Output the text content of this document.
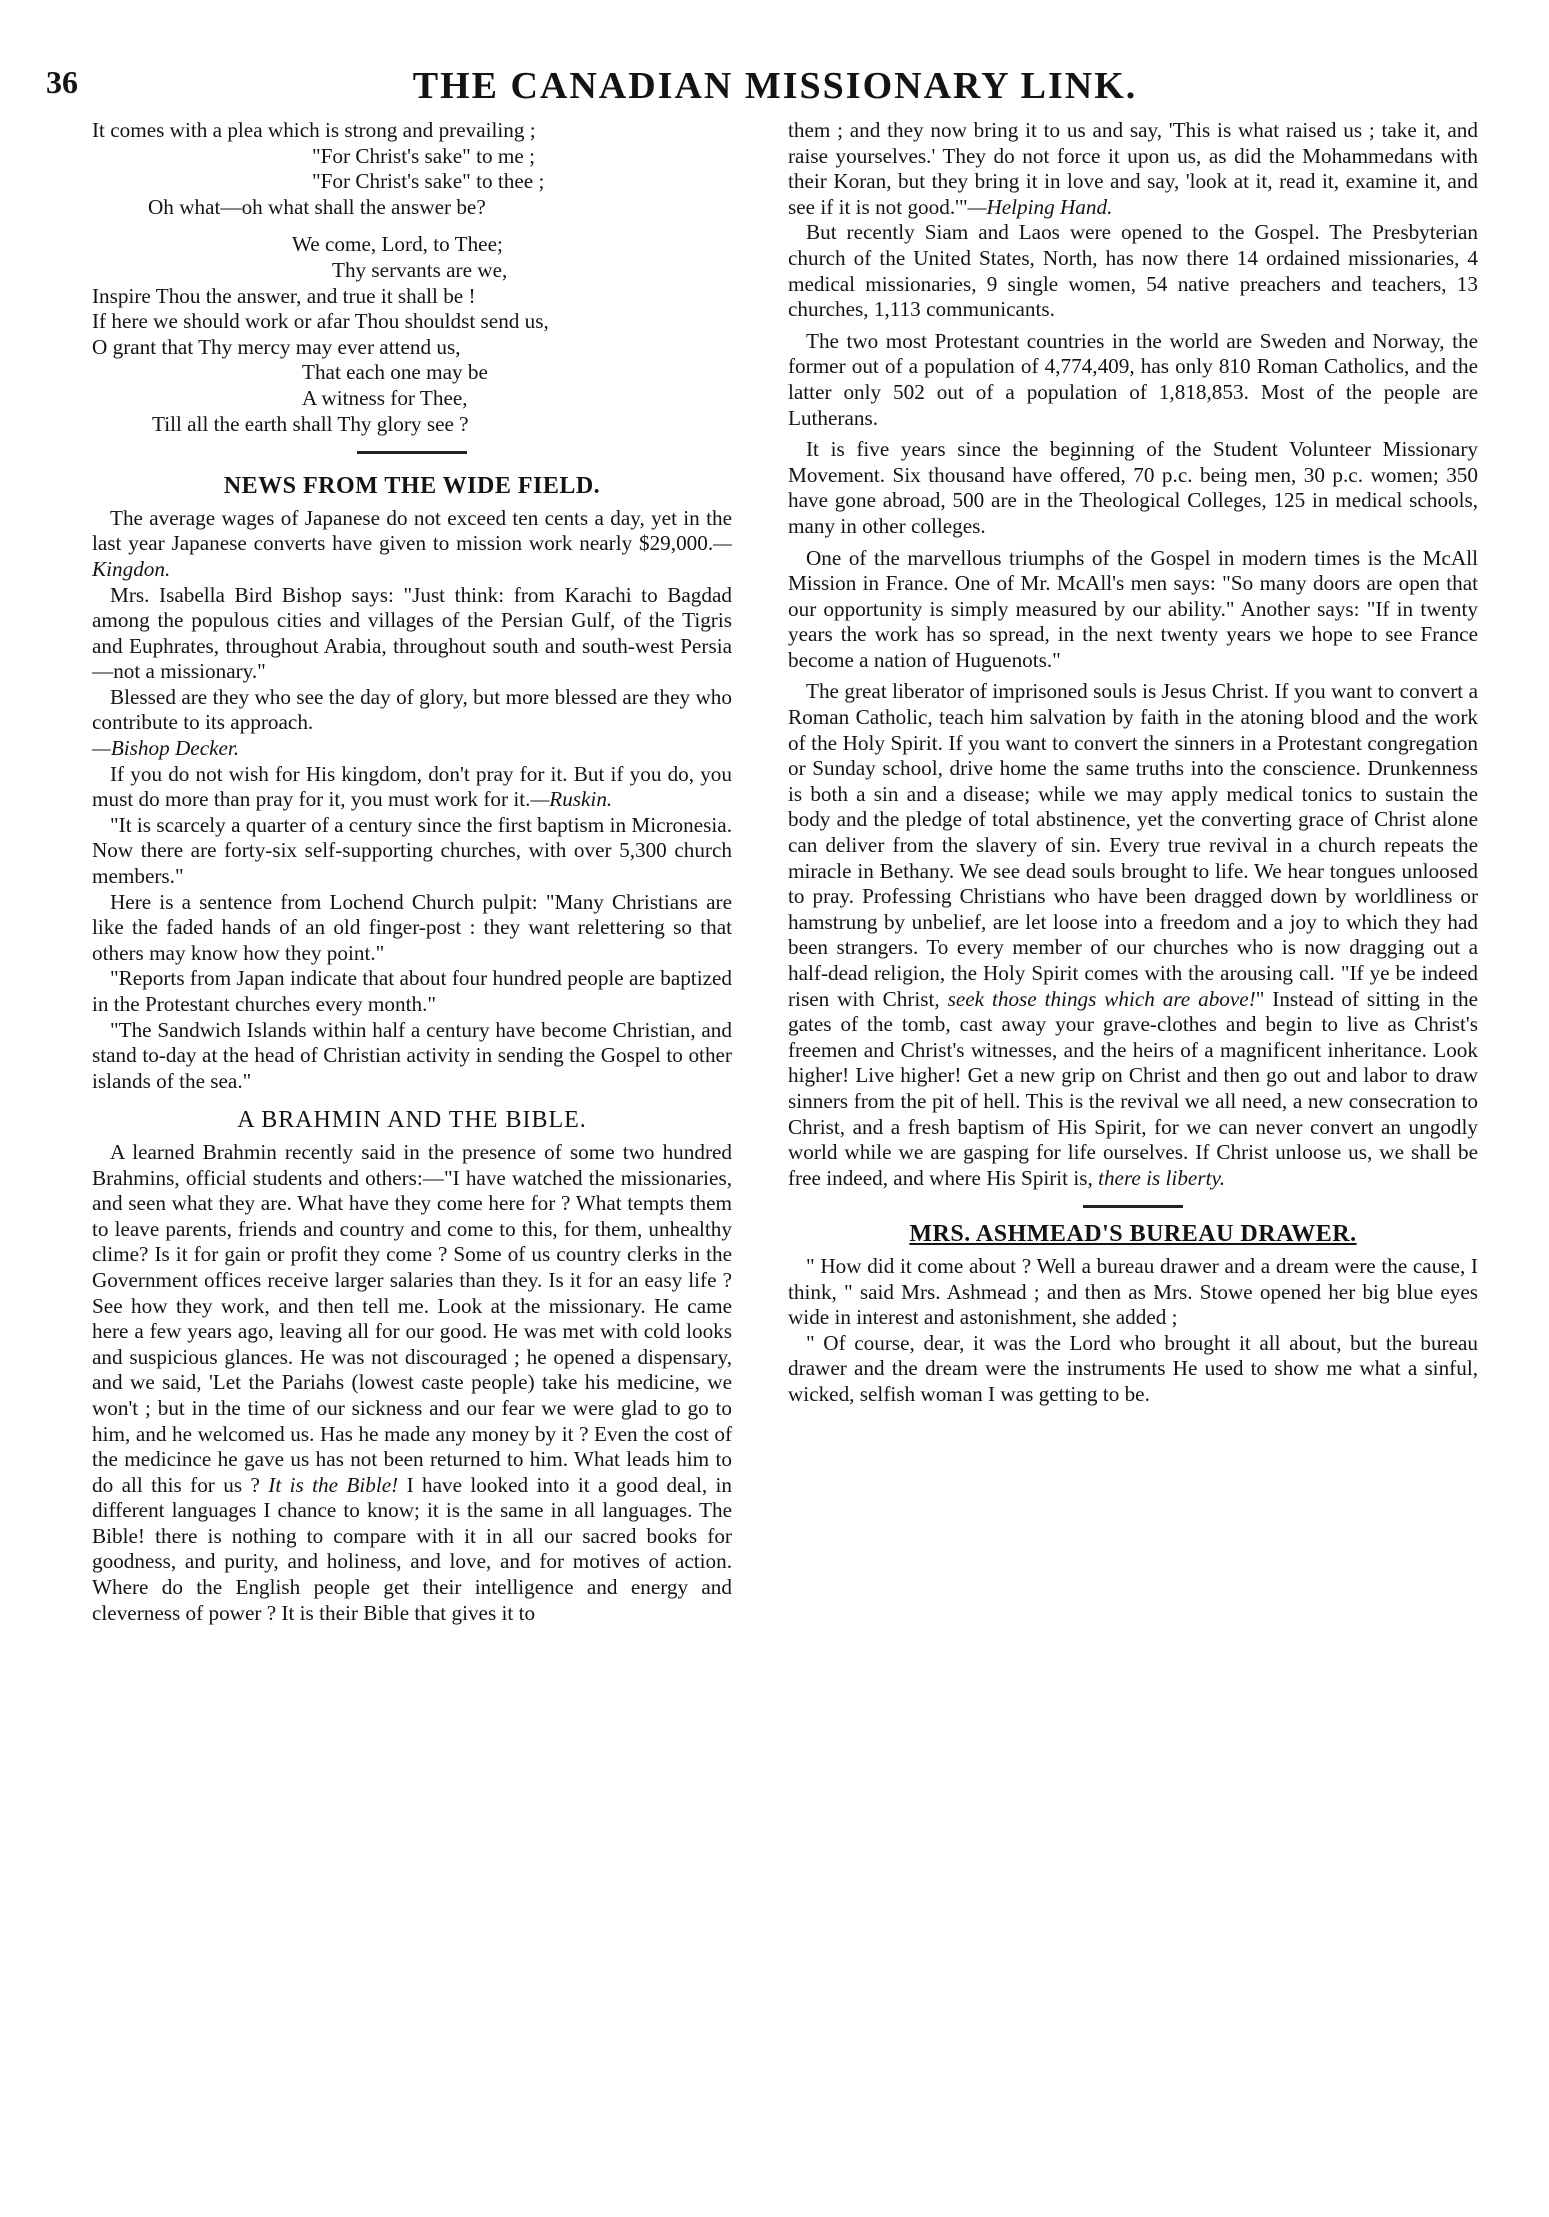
36	THE CANADIAN MISSIONARY LINK.

It comes with a plea which is strong and prevailing ;

"For Christ's sake" to me ;

"For Christ's sake" to thee ;

Oh what—oh what shall the answer be?

We come, Lord, to Thee;

Thy servants are we,

Inspire Thou the answer, and true it shall be !

If here we should work or afar Thou shouldst send us,

O grant that Thy mercy may ever attend us,

That each one may be

A witness for Thee,

Till all the earth shall Thy glory see ?

NEWS FROM THE WIDE FIELD.

The average wages of Japanese do not exceed ten cents a day, yet in the last year Japanese converts have given to mission work nearly $29,000.—Kingdon.

Mrs. Isabella Bird Bishop says: "Just think: from Karachi to Bagdad among the populous cities and villages of the Persian Gulf, of the Tigris and Euphrates, throughout Arabia, throughout south and south-west Persia—not a missionary."

Blessed are they who see the day of glory, but more blessed are they who contribute to its approach.
—Bishop Decker.

If you do not wish for His kingdom, don't pray for it. But if you do, you must do more than pray for it, you must work for it.—Ruskin.

"It is scarcely a quarter of a century since the first baptism in Micronesia. Now there are forty-six self-supporting churches, with over 5,300 church members."

Here is a sentence from Lochend Church pulpit: "Many Christians are like the faded hands of an old finger-post : they want relettering so that others may know how they point."

"Reports from Japan indicate that about four hundred people are baptized in the Protestant churches every month."

"The Sandwich Islands within half a century have become Christian, and stand to-day at the head of Christian activity in sending the Gospel to other islands of the sea."

A BRAHMIN AND THE BIBLE.

A learned Brahmin recently said in the presence of some two hundred Brahmins, official students and others:—"I have watched the missionaries, and seen what they are. What have they come here for ? What tempts them to leave parents, friends and country and come to this, for them, unhealthy clime? Is it for gain or profit they come ? Some of us country clerks in the Government offices receive larger salaries than they. Is it for an easy life ? See how they work, and then tell me. Look at the missionary. He came here a few years ago, leaving all for our good. He was met with cold looks and suspicious glances. He was not discouraged ; he opened a dispensary, and we said, 'Let the Pariahs (lowest caste people) take his medicine, we won't ; but in the time of our sickness and our fear we were glad to go to him, and he welcomed us. Has he made any money by it ? Even the cost of the medicince he gave us has not been returned to him. What leads him to do all this for us ? It is the Bible! I have looked into it a good deal, in different languages I chance to know; it is the same in all languages. The Bible! there is nothing to compare with it in all our sacred books for goodness, and purity, and holiness, and love, and for motives of action. Where do the English people get their intelligence and energy and cleverness of power ? It is their Bible that gives it to

them ; and they now bring it to us and say, 'This is what raised us ; take it, and raise yourselves.' They do not force it upon us, as did the Mohammedans with their Koran, but they bring it in love and say, 'look at it, read it, examine it, and see if it is not good.'"—Helping Hand.

But recently Siam and Laos were opened to the Gospel. The Presbyterian church of the United States, North, has now there 14 ordained missionaries, 4 medical missionaries, 9 single women, 54 native preachers and teachers, 13 churches, 1,113 communicants.

The two most Protestant countries in the world are Sweden and Norway, the former out of a population of 4,774,409, has only 810 Roman Catholics, and the latter only 502 out of a population of 1,818,853. Most of the people are Lutherans.

It is five years since the beginning of the Student Volunteer Missionary Movement. Six thousand have offered, 70 p.c. being men, 30 p.c. women; 350 have gone abroad, 500 are in the Theological Colleges, 125 in medical schools, many in other colleges.

One of the marvellous triumphs of the Gospel in modern times is the McAll Mission in France. One of Mr. McAll's men says: "So many doors are open that our opportunity is simply measured by our ability." Another says: "If in twenty years the work has so spread, in the next twenty years we hope to see France become a nation of Huguenots."

The great liberator of imprisoned souls is Jesus Christ. If you want to convert a Roman Catholic, teach him salvation by faith in the atoning blood and the work of the Holy Spirit. If you want to convert the sinners in a Protestant congregation or Sunday school, drive home the same truths into the conscience. Drunkenness is both a sin and a disease; while we may apply medical tonics to sustain the body and the pledge of total abstinence, yet the converting grace of Christ alone can deliver from the slavery of sin. Every true revival in a church repeats the miracle in Bethany. We see dead souls brought to life. We hear tongues unloosed to pray. Professing Christians who have been dragged down by worldliness or hamstrung by unbelief, are let loose into a freedom and a joy to which they had been strangers. To every member of our churches who is now dragging out a half-dead religion, the Holy Spirit comes with the arousing call. "If ye be indeed risen with Christ, seek those things which are above!" Instead of sitting in the gates of the tomb, cast away your grave-clothes and begin to live as Christ's freemen and Christ's witnesses, and the heirs of a magnificent inheritance. Look higher! Live higher! Get a new grip on Christ and then go out and labor to draw sinners from the pit of hell. This is the revival we all need, a new consecration to Christ, and a fresh baptism of His Spirit, for we can never convert an ungodly world while we are gasping for life ourselves. If Christ unloose us, we shall be free indeed, and where His Spirit is, there is liberty.

MRS. ASHMEAD'S BUREAU DRAWER.

" How did it come about ? Well a bureau drawer and a dream were the cause, I think, " said Mrs. Ashmead ; and then as Mrs. Stowe opened her big blue eyes wide in interest and astonishment, she added ;

" Of course, dear, it was the Lord who brought it all about, but the bureau drawer and the dream were the instruments He used to show me what a sinful, wicked, selfish woman I was getting to be.
